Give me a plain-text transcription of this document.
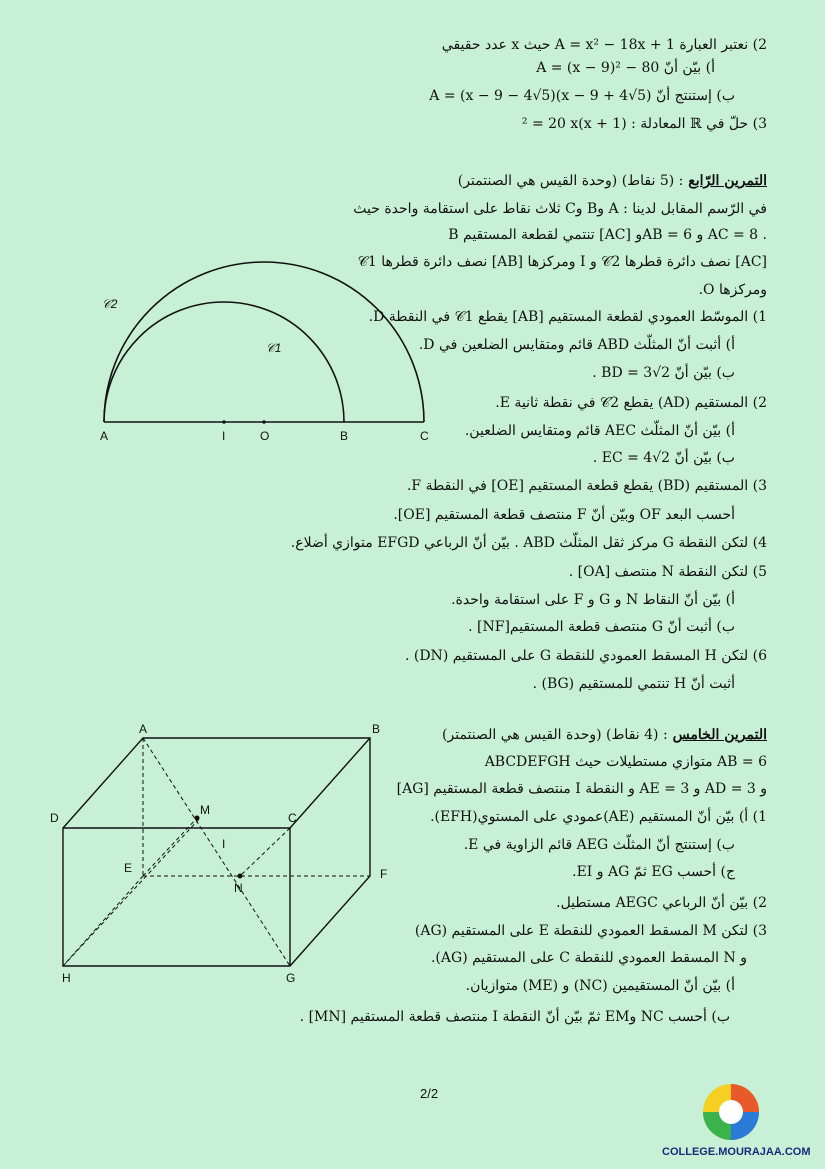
2) نعتبر العبارة A = x² − 18x + 1 حيث x عدد حقيقي
أ) بيّن أنّ A = (x − 9)² − 80
ب) إستنتج أنّ A = (x − 9 − 4√5)(x − 9 + 4√5)
3) حلّ في ℝ المعادلة : (x + 1)² = 20 x
التمرين الرّابع : (5 نقاط) (وحدة القيس هي الصنتمتر)
في الرّسم المقابل لدينا : A وB وC ثلاث نقاط على استقامة واحدة حيث
B تنتمي لقطعة المستقيم [AC] وAB = 6 و AC = 8 .
𝒞1 نصف دائرة قطرها [AB] ومركزها I و 𝒞2 نصف دائرة قطرها [AC]
ومركزها O.
1) الموسّط العمودي لقطعة المستقيم [AB] يقطع 𝒞1 في النقطة D.
أ) أثبت أنّ المثلّث ABD قائم ومتقايس الضلعين في D.
ب) بيّن أنّ BD = 3√2 .
2) المستقيم (AD) يقطع 𝒞2 في نقطة ثانية E.
أ) بيّن أنّ المثلّث AEC قائم ومتقايس الضلعين.
ب) بيّن أنّ EC = 4√2 .
3) المستقيم (BD) يقطع قطعة المستقيم [OE] في النقطة F.
أحسب البعد OF وبيّن أنّ F منتصف قطعة المستقيم [OE].
4) لتكن النقطة G مركز ثقل المثلّث ABD . بيّن أنّ الرباعي EFGD متوازي أضلاع.
5) لتكن النقطة N منتصف [OA] .
أ) بيّن أنّ النقاط N و G و F على استقامة واحدة.
ب) أثبت أنّ G منتصف قطعة المستقيم[NF] .
6) لتكن H المسقط العمودي للنقطة G على المستقيم (DN) .
أثبت أنّ H تنتمي للمستقيم (BG) .
A	I	O	B	C
𝒞2
𝒞1
التمرين الخامس : (4 نقاط) (وحدة القيس هي الصنتمتر)
ABCDEFGH متوازي مستطيلات حيث AB = 6
و AD = 3 و AE = 3 و النقطة I منتصف قطعة المستقيم [AG]
1) أ) بيّن أنّ المستقيم (AE)عمودي على المستوي(EFH).
ب) إستنتج أنّ المثلّث AEG قائم الزاوية في E.
ج) أحسب EG ثمّ AG و EI.
2) بيّن أنّ الرباعي AEGC مستطيل.
3) لتكن M المسقط العمودي للنقطة E على المستقيم (AG)
و N المسقط العمودي للنقطة C على المستقيم (AG).
أ) بيّن أنّ المستقيمين (NC) و (ME) متوازيان.
ب) أحسب NC وEM ثمّ بيّن أنّ النقطة I منتصف قطعة المستقيم [MN] .
A	B
C
D
E	F
G
H
M
N
I
2/2
COLLEGE.MOURAJAA.COM
